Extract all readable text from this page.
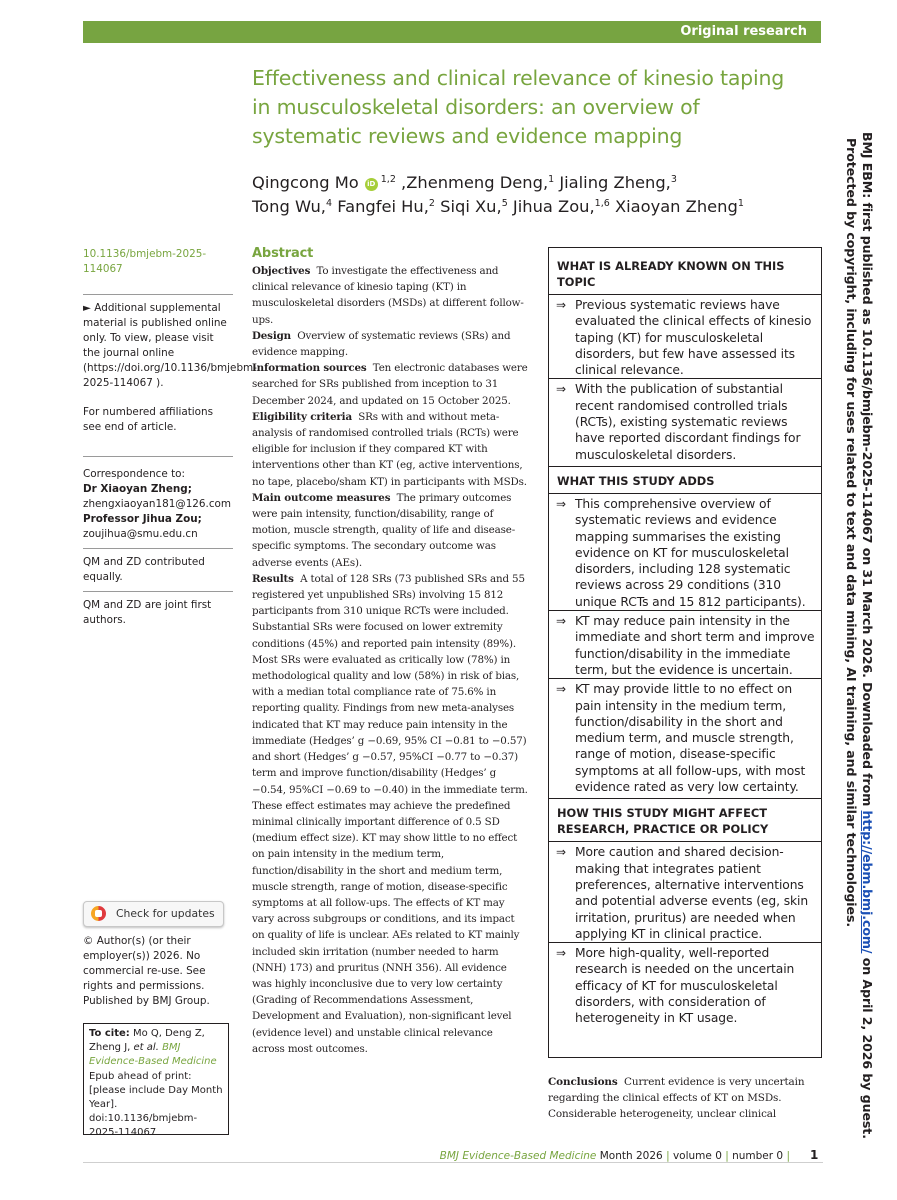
Original research
Effectiveness and clinical relevance of kinesio taping
in musculoskeletal disorders: an overview of
systematic reviews and evidence mapping
Qingcong Mo iD $^{1,2}$ ,Zhenmeng Deng,$^1$ Jialing Zheng,$^3$
Tong Wu,$^4$ Fangfei Hu,$^2$ Siqi Xu,$^5$ Jihua Zou,$^{1,6}$ Xiaoyan Zheng$^1$

10.1136/bmjebm-2025-114067

► Additional supplemental material is published online only. To view, please visit the journal online (https://doi.org/10.1136/bmjebm-2025-114067 ).

For numbered affiliations see end of article.

Correspondence to:

Dr Xiaoyan Zheng;

zhengxiaoyan181@126.com

Professor Jihua Zou;

zoujihua@smu.edu.cn

QM and ZD contributed equally.

QM and ZD are joint first authors.

Check for updates

© Author(s) (or their employer(s)) 2026. No commercial re-use. See rights and permissions. Published by BMJ Group.

To cite: Mo Q, Deng Z, Zheng J, et al. BMJ Evidence-Based Medicine Epub ahead of print: [please include Day Month Year]. doi:10.1136/bmjebm-2025-114067
Abstract

Objectives To investigate the effectiveness and clinical relevance of kinesio taping (KT) in musculoskeletal disorders (MSDs) at different follow-ups.

Design Overview of systematic reviews (SRs) and evidence mapping.

Information sources Ten electronic databases were searched for SRs published from inception to 31 December 2024, and updated on 15 October 2025.

Eligibility criteria SRs with and without meta-analysis of randomised controlled trials (RCTs) were eligible for inclusion if they compared KT with interventions other than KT (eg, active interventions, no tape, placebo/sham KT) in participants with MSDs.

Main outcome measures The primary outcomes were pain intensity, function/disability, range of motion, muscle strength, quality of life and disease-specific symptoms. The secondary outcome was adverse events (AEs).

Results A total of 128 SRs (73 published SRs and 55 registered yet unpublished SRs) involving 15 812 participants from 310 unique RCTs were included. Substantial SRs were focused on lower extremity conditions (45%) and reported pain intensity (89%). Most SRs were evaluated as critically low (78%) in methodological quality and low (58%) in risk of bias, with a median total compliance rate of 75.6% in reporting quality. Findings from new meta-analyses indicated that KT may reduce pain intensity in the immediate (Hedges’ g −0.69, 95% CI −0.81 to −0.57) and short (Hedges’ g −0.57, 95%CI −0.77 to −0.37) term and improve function/disability (Hedges’ g −0.54, 95%CI −0.69 to −0.40) in the immediate term. These effect estimates may achieve the predefined minimal clinically important difference of 0.5 SD (medium effect size). KT may show little to no effect on pain intensity in the medium term, function/disability in the short and medium term, muscle strength, range of motion, disease-specific symptoms at all follow-ups. The effects of KT may vary across subgroups or conditions, and its impact on quality of life is unclear. AEs related to KT mainly included skin irritation (number needed to harm (NNH) 173) and pruritus (NNH 356). All evidence was highly inconclusive due to very low certainty (Grading of Recommendations Assessment, Development and Evaluation), non-significant level (evidence level) and unstable clinical relevance across most outcomes.

WHAT IS ALREADY KNOWN ON THIS TOPIC
⇒ Previous systematic reviews have evaluated the clinical effects of kinesio taping (KT) for musculoskeletal disorders, but few have assessed its clinical relevance.
⇒ With the publication of substantial recent randomised controlled trials (RCTs), existing systematic reviews have reported discordant findings for musculoskeletal disorders.
WHAT THIS STUDY ADDS
⇒ This comprehensive overview of systematic reviews and evidence mapping summarises the existing evidence on KT for musculoskeletal disorders, including 128 systematic reviews across 29 conditions (310 unique RCTs and 15 812 participants).
⇒ KT may reduce pain intensity in the immediate and short term and improve function/disability in the immediate term, but the evidence is uncertain.
⇒ KT may provide little to no effect on pain intensity in the medium term, function/disability in the short and medium term, and muscle strength, range of motion, disease-specific symptoms at all follow-ups, with most evidence rated as very low certainty.
HOW THIS STUDY MIGHT AFFECT RESEARCH, PRACTICE OR POLICY
⇒ More caution and shared decision-making that integrates patient preferences, alternative interventions and potential adverse events (eg, skin irritation, pruritus) are needed when applying KT in clinical practice.
⇒ More high-quality, well-reported research is needed on the uncertain efficacy of KT for musculoskeletal disorders, with consideration of heterogeneity in KT usage.

Conclusions Current evidence is very uncertain regarding the clinical effects of KT on MSDs. Considerable heterogeneity, unclear clinical

BMJ EBM: first published as 10.1136/bmjebm-2025-114067 on 31 March 2026. Downloaded from http://ebm.bmj.com/ on April 2, 2026 by guest.
Protected by copyright, including for uses related to text and data mining, AI training, and similar technologies.
BMJ Evidence-Based Medicine Month 2026 | volume 0 | number 0 | 1
